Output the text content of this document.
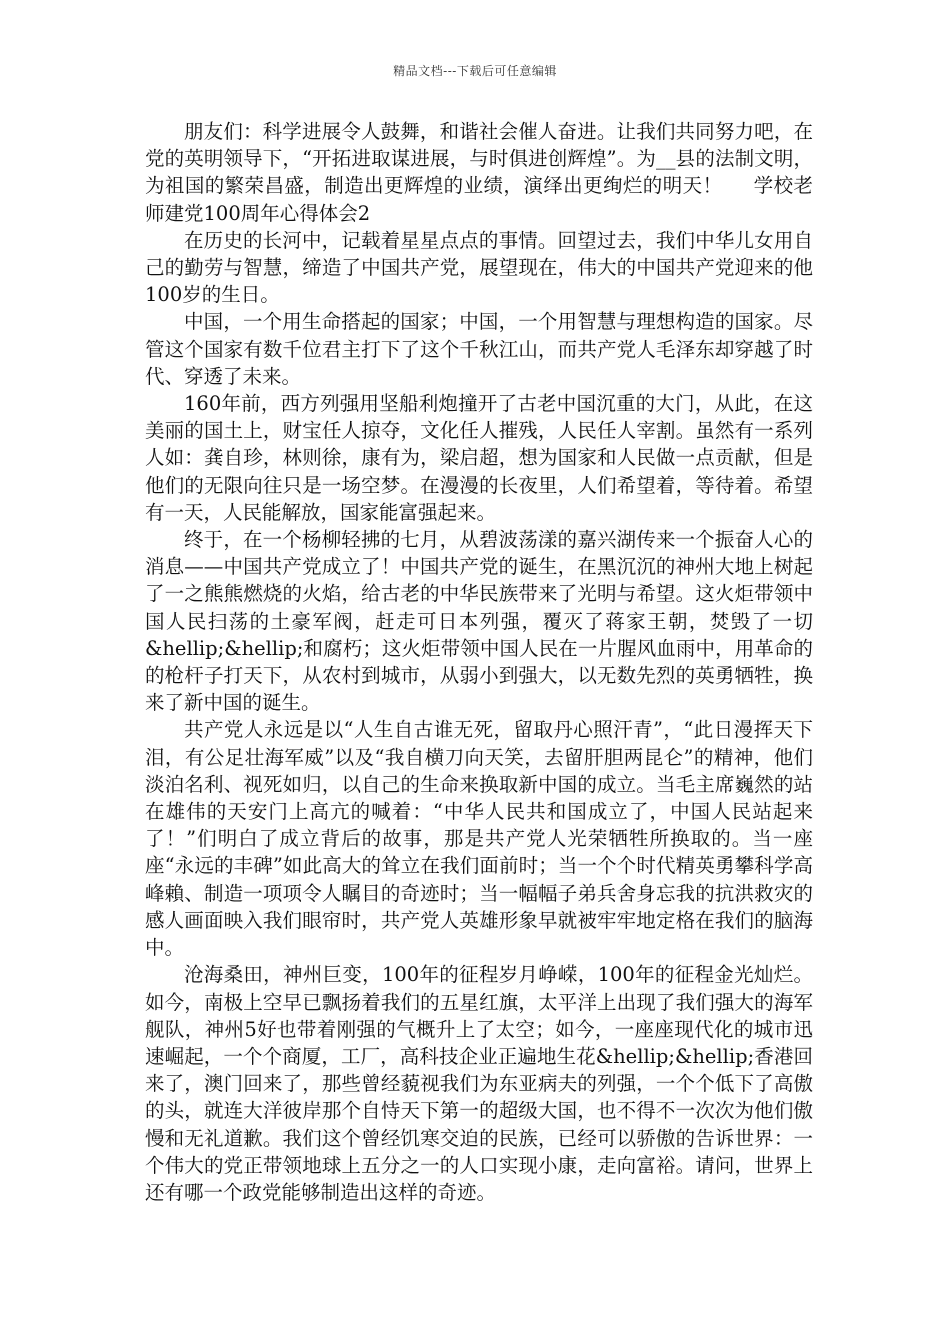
精品文档---下载后可任意编辑

朋友们：科学进展令人鼓舞，和谐社会催人奋进。让我们共同努力吧，在党的英明领导下，“开拓进取谋进展，与时俱进创辉煌”。为__县的法制文明，为祖国的繁荣昌盛，制造出更辉煌的业绩，演绎出更绚烂的明天！ 学校老师建党100周年心得体会2

在历史的长河中，记载着星星点点的事情。回望过去，我们中华儿女用自己的勤劳与智慧，缔造了中国共产党，展望现在，伟大的中国共产党迎来的他100岁的生日。

中国，一个用生命搭起的国家；中国，一个用智慧与理想构造的国家。尽管这个国家有数千位君主打下了这个千秋江山，而共产党人毛泽东却穿越了时代、穿透了未来。

160年前，西方列强用坚船利炮撞开了古老中国沉重的大门，从此，在这美丽的国土上，财宝任人掠夺，文化任人摧残，人民任人宰割。虽然有一系列人如：龚自珍，林则徐，康有为，梁启超，想为国家和人民做一点贡献，但是他们的无限向往只是一场空梦。在漫漫的长夜里，人们希望着，等待着。希望有一天，人民能解放，国家能富强起来。

终于，在一个杨柳轻拂的七月，从碧波荡漾的嘉兴湖传来一个振奋人心的消息——中国共产党成立了！中国共产党的诞生，在黑沉沉的神州大地上树起了一之熊熊燃烧的火焰，给古老的中华民族带来了光明与希望。这火炬带领中国人民扫荡的土豪军阀，赶走可日本列强，覆灭了蒋家王朝，焚毁了一切&hellip;&hellip;和腐朽；这火炬带领中国人民在一片腥风血雨中，用革命的的枪杆子打天下，从农村到城市，从弱小到强大，以无数先烈的英勇牺牲，换来了新中国的诞生。

共产党人永远是以“人生自古谁无死，留取丹心照汗青”，“此日漫挥天下泪，有公足壮海军威”以及“我自横刀向天笑，去留肝胆两昆仑”的精神，他们淡泊名利、视死如归，以自己的生命来换取新中国的成立。当毛主席巍然的站在雄伟的天安门上高亢的喊着：“中华人民共和国成立了，中国人民站起来了！”们明白了成立背后的故事，那是共产党人光荣牺牲所换取的。当一座座“永远的丰碑”如此高大的耸立在我们面前时；当一个个时代精英勇攀科学高峰賴、制造一项项令人瞩目的奇迹时；当一幅幅子弟兵舍身忘我的抗洪救灾的感人画面映入我们眼帘时，共产党人英雄形象早就被牢牢地定格在我们的脑海中。

沧海桑田，神州巨变，100年的征程岁月峥嵘，100年的征程金光灿烂。如今，南极上空早已飘扬着我们的五星红旗，太平洋上出现了我们强大的海军舰队，神州5好也带着刚强的气概升上了太空；如今，一座座现代化的城市迅速崛起，一个个商厦，工厂，高科技企业正遍地生花&hellip;&hellip;香港回来了，澳门回来了，那些曾经藐视我们为东亚病夫的列强，一个个低下了高傲的头，就连大洋彼岸那个自恃天下第一的超级大国，也不得不一次次为他们傲慢和无礼道歉。我们这个曾经饥寒交迫的民族，已经可以骄傲的告诉世界：一个伟大的党正带领地球上五分之一的人口实现小康，走向富裕。请问，世界上还有哪一个政党能够制造出这样的奇迹。
